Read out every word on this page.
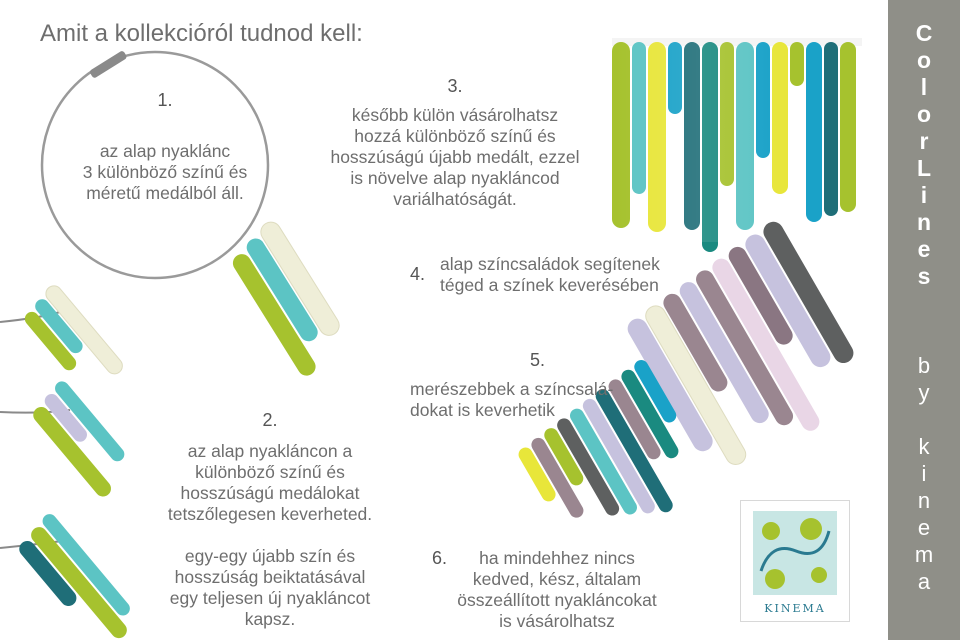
Amit a kollekcióról tudnod kell:
1.
az alap nyaklánc
3 különböző színű és
méretű medálból áll.
2.
az alap nyakláncon a
különböző színű és
hosszúságú medálokat
tetszőlegesen keverheted.

egy-egy újabb szín és
hosszúság beiktatásával
egy teljesen új nyakláncot
kapsz.
3.
később külön vásárolhatsz
hozzá különböző színű és
hosszúságú újabb medált, ezzel
is növelve alap nyakláncod
variálhatóságát.
4. alap színcsaládok segítenek
téged a színek keverésében
5.
merészebbek a színcsalá-
dokat is keverhetik
6.	ha mindehhez nincs
kedved, kész, általam
összeállított nyakláncokat
is vásárolhatsz
KINEMA
C
o
l
o
r
L
i
n
e
s
b
y
k
i
n
e
m
a
